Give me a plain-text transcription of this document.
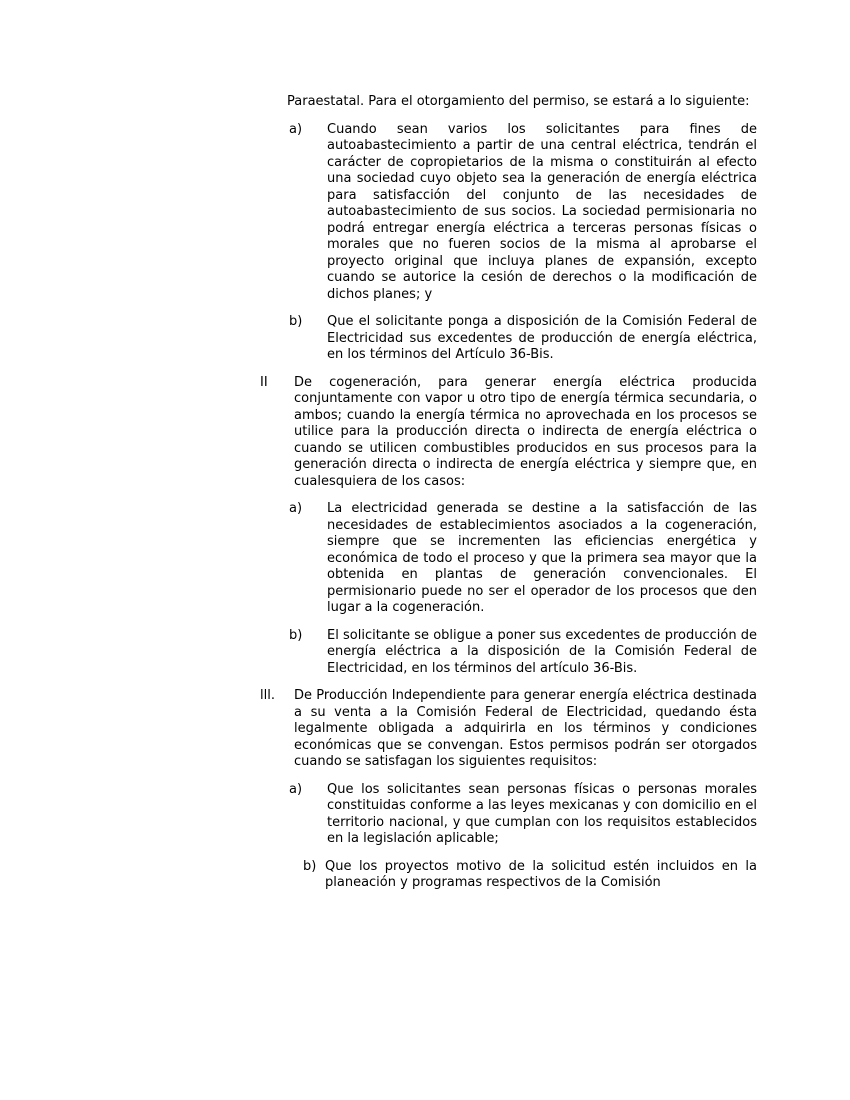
Paraestatal. Para el otorgamiento del permiso, se estará a lo siguiente:

a)	Cuando sean varios los solicitantes para fines de autoabastecimiento a partir de una central eléctrica, tendrán el carácter de copropietarios de la misma o constituirán al efecto una sociedad cuyo objeto sea la generación de energía eléctrica para satisfacción del conjunto de las necesidades de autoabastecimiento de sus socios. La sociedad permisionaria no podrá entregar energía eléctrica a terceras personas físicas o morales que no fueren socios de la misma al aprobarse el proyecto original que incluya planes de expansión, excepto cuando se autorice la cesión de derechos o la modificación de dichos planes; y
b)	Que el solicitante ponga a disposición de la Comisión Federal de Electricidad sus excedentes de producción de energía eléctrica, en los términos del Artículo 36-Bis.
II	De cogeneración, para generar energía eléctrica producida conjuntamente con vapor u otro tipo de energía térmica secundaria, o ambos; cuando la energía térmica no aprovechada en los procesos se utilice para la producción directa o indirecta de energía eléctrica o cuando se utilicen combustibles producidos en sus procesos para la generación directa o indirecta de energía eléctrica y siempre que, en cualesquiera de los casos:
a)	La electricidad generada se destine a la satisfacción de las necesidades de establecimientos asociados a la cogeneración, siempre que se incrementen las eficiencias energética y económica de todo el proceso y que la primera sea mayor que la obtenida en plantas de generación convencionales. El permisionario puede no ser el operador de los procesos que den lugar a la cogeneración.
b)	El solicitante se obligue a poner sus excedentes de producción de energía eléctrica a la disposición de la Comisión Federal de Electricidad, en los términos del artículo 36-Bis.
lll.	De Producción Independiente para generar energía eléctrica destinada a su venta a la Comisión Federal de Electricidad, quedando ésta legalmente obligada a adquirirla en los términos y condiciones económicas que se convengan. Estos permisos podrán ser otorgados cuando se satisfagan los siguientes requisitos:
a)	Que los solicitantes sean personas físicas o personas morales constituidas conforme a las leyes mexicanas y con domicilio en el territorio nacional, y que cumplan con los requisitos establecidos en la legislación aplicable;
b) Que los proyectos motivo de la solicitud estén incluidos en la planeación y programas respectivos de la Comisión
